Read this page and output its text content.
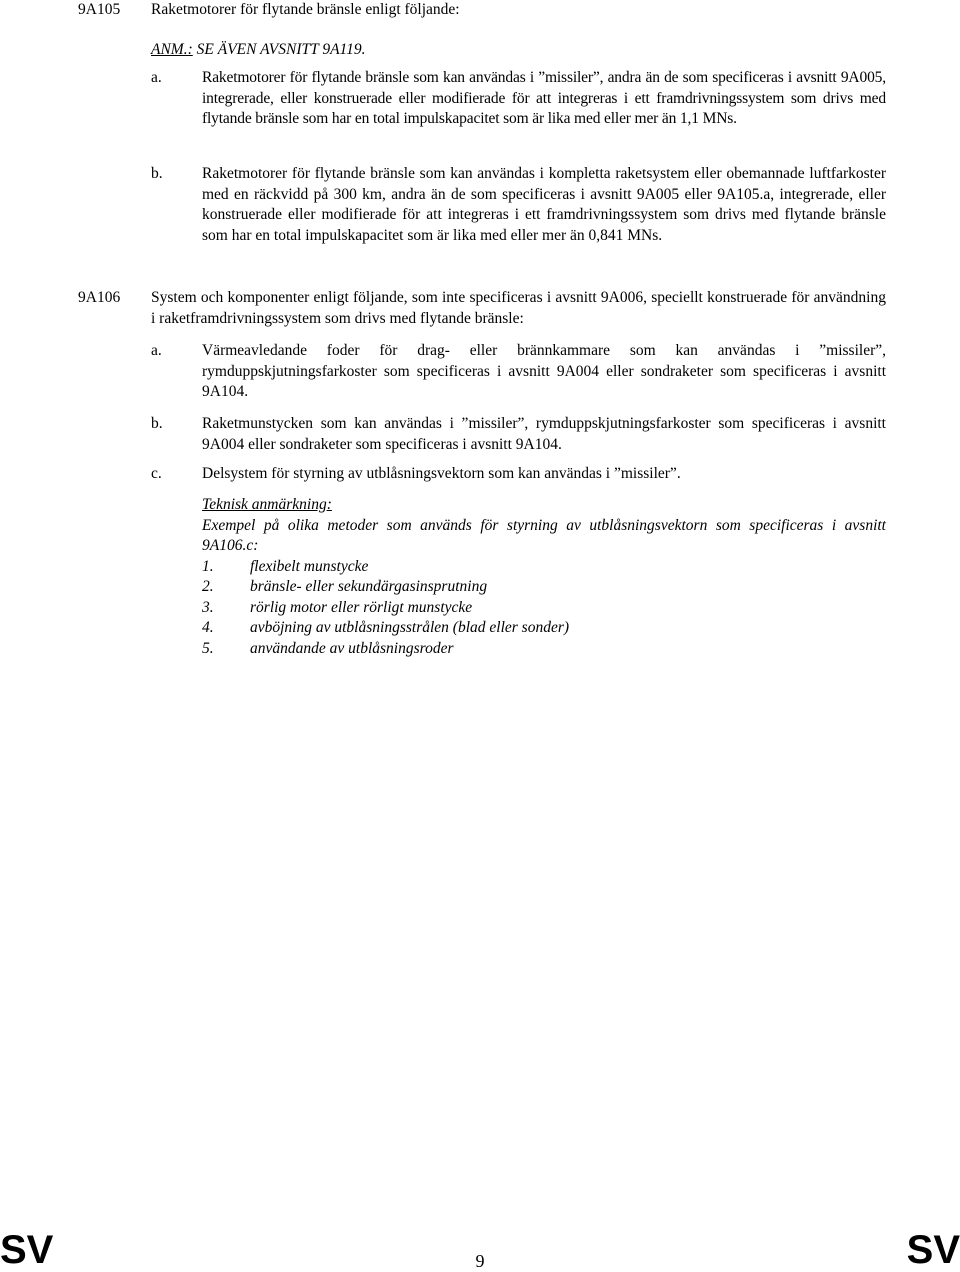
9A105 Raketmotorer för flytande bränsle enligt följande:
ANM.: SE ÄVEN AVSNITT 9A119.
a.	Raketmotorer för flytande bränsle som kan användas i ”missiler”, andra än de som specificeras i avsnitt 9A005, integrerade, eller konstruerade eller modifierade för att integreras i ett framdrivningssystem som drivs med flytande bränsle som har en total impulskapacitet som är lika med eller mer än 1,1 MNs.
b.	Raketmotorer för flytande bränsle som kan användas i kompletta raketsystem eller obemannade luftfarkoster med en räckvidd på 300 km, andra än de som specificeras i avsnitt 9A005 eller 9A105.a, integrerade, eller konstruerade eller modifierade för att integreras i ett framdrivningssystem som drivs med flytande bränsle som har en total impulskapacitet som är lika med eller mer än 0,841 MNs.
9A106 System och komponenter enligt följande, som inte specificeras i avsnitt 9A006, speciellt konstruerade för användning i raketframdrivningssystem som drivs med flytande bränsle:
a.	Värmeavledande foder för drag- eller brännkammare som kan användas i ”missiler”, rymduppskjutningsfarkoster som specificeras i avsnitt 9A004 eller sondraketer som specificeras i avsnitt 9A104.
b.	Raketmunstycken som kan användas i ”missiler”, rymduppskjutningsfarkoster som specificeras i avsnitt 9A004 eller sondraketer som specificeras i avsnitt 9A104.
c.	Delsystem för styrning av utblåsningsvektorn som kan användas i ”missiler”.
Teknisk anmärkning:
Exempel på olika metoder som används för styrning av utblåsningsvektorn som specificeras i avsnitt 9A106.c:
1. flexibelt munstycke
2. bränsle- eller sekundärgasinsprutning
3. rörlig motor eller rörligt munstycke
4. avböjning av utblåsningsstrålen (blad eller sonder)
5. användande av utblåsningsroder
SV	9	SV
